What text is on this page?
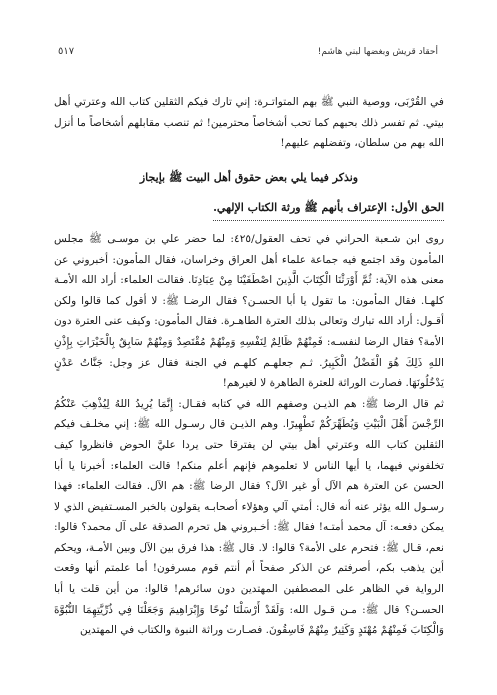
أحقاد قريش وبغضها لبني هاشم!
٥١٧

في القُرْبَى، ووصية النبي ﷺ بهم المتواتـرة: إني تارك فيكم الثقلين كتاب الله وعترتي أهل بيتي. ثم تفسر ذلك بحبهم كما تحب أشخاصاً محترمين! ثم تنصب مقابلهم أشخاصاً ما أنزل الله بهم من سلطان، وتفضلهم عليهم!

ونذكر فيما يلي بعض حقوق أهل البيت ﷺ بإيجاز
الحق الأول: الإعتراف بأنهم ﷺ ورثة الكتاب الإلهي.

روى ابن شـعبة الحراني في تحف العقول/٤٢٥: لما حضر علي بن موسـى ﷺ مجلس المأمون وقد اجتمع فيه جماعة علماء أهل العراق وخراسان، فقال المأمون: أخبروني عن معنى هذه الآية: ثُمَّ أَوْرَثْنَا الْكِتَابَ الَّذِينَ اصْطَفَيْنَا مِنْ عِبَادِنَا. فقالت العلماء: أراد الله الأمـة كلهـا. فقال المأمون: ما تقول يا أبا الحسـن؟ فقال الرضـا ﷺ: لا أقول كما قالوا ولكن أقـول: أراد الله تبارك وتعالى بذلك العترة الطاهـرة. فقال المأمون: وكيف عنى العترة دون الأمة؟ فقال الرضا لنفسـه: فَمِنْهُمْ ظَالِمٌ لِنَفْسِهِ وَمِنْهُمْ مُقْتَصِدٌ وَمِنْهُمْ سَابِقٌ بِالْخَيْرَاتِ بِإِذْنِ اللهِ ذَلِكَ هُوَ الْفَضْلُ الْكَبِيرُ. ثـم جعلهـم كلهـم في الجنة فقال عز وجل: جَنَّاتُ عَدْنٍ يَدْخُلُونَهَا. فصارت الوراثة للعترة الطاهرة لا لغيرهم!

ثم قال الرضا ﷺ: هم الذيـن وصفهم الله في كتابه فقـال: إِنَّمَا يُرِيدُ اللهُ لِيُذْهِبَ عَنْكُمُ الرِّجْسَ أَهْلَ الْبَيْتِ وَيُطَهِّرَكُمْ تَطْهِيرًا. وهم الذيـن قال رسـول الله ﷺ: إني مخلـف فيكم الثقلين كتاب الله وعترتي أهل بيتي لن يفترقا حتى يردا عليَّ الحوض فانظروا كيف تخلفوني فيهما، يا أيها الناس لا تعلموهم فإنهم أعلم منكم! قالت العلماء: أخبرنا يا أبا الحسن عن العترة هم الآل أو غير الآل؟ فقال الرضا ﷺ: هم الآل. فقالت العلماء: فهذا رسـول الله يؤثر عنه أنه قال: أمتي آلي وهؤلاء أصحابـه يقولون بالخبر المسـتفيض الذي لا يمكن دفعـه: آل محمد أمتـه! فقال ﷺ: أخـبروني هل تحرم الصدقة على آل محمد؟ قالوا: نعم، قـال ﷺ: فتحرم على الأمة؟ قالوا: لا. قال ﷺ: هذا فرق بين الآل وبين الأمـة، ويحكم أين يذهب بكم، أصرفتم عن الذكر صفحاً أم أنتم قوم مسرفون! أما علمتم أنها وقعت الرواية في الظاهر على المصطفين المهتدين دون سائرهم! قالوا: من أين قلت يا أبا الحسـن؟ قال ﷺ: مـن قـول الله: وَلَقَدْ أَرْسَلْنَا نُوحًا وَإِبْرَاهِيمَ وَجَعَلْنَا فِي ذُرِّيَّتِهِمَا النُّبُوَّةَ وَالْكِتَابَ فَمِنْهُمْ مُهْتَدٍ وَكَثِيرٌ مِنْهُمْ فَاسِقُونَ. فصـارت وراثة النبوة والكتاب في المهتدين
